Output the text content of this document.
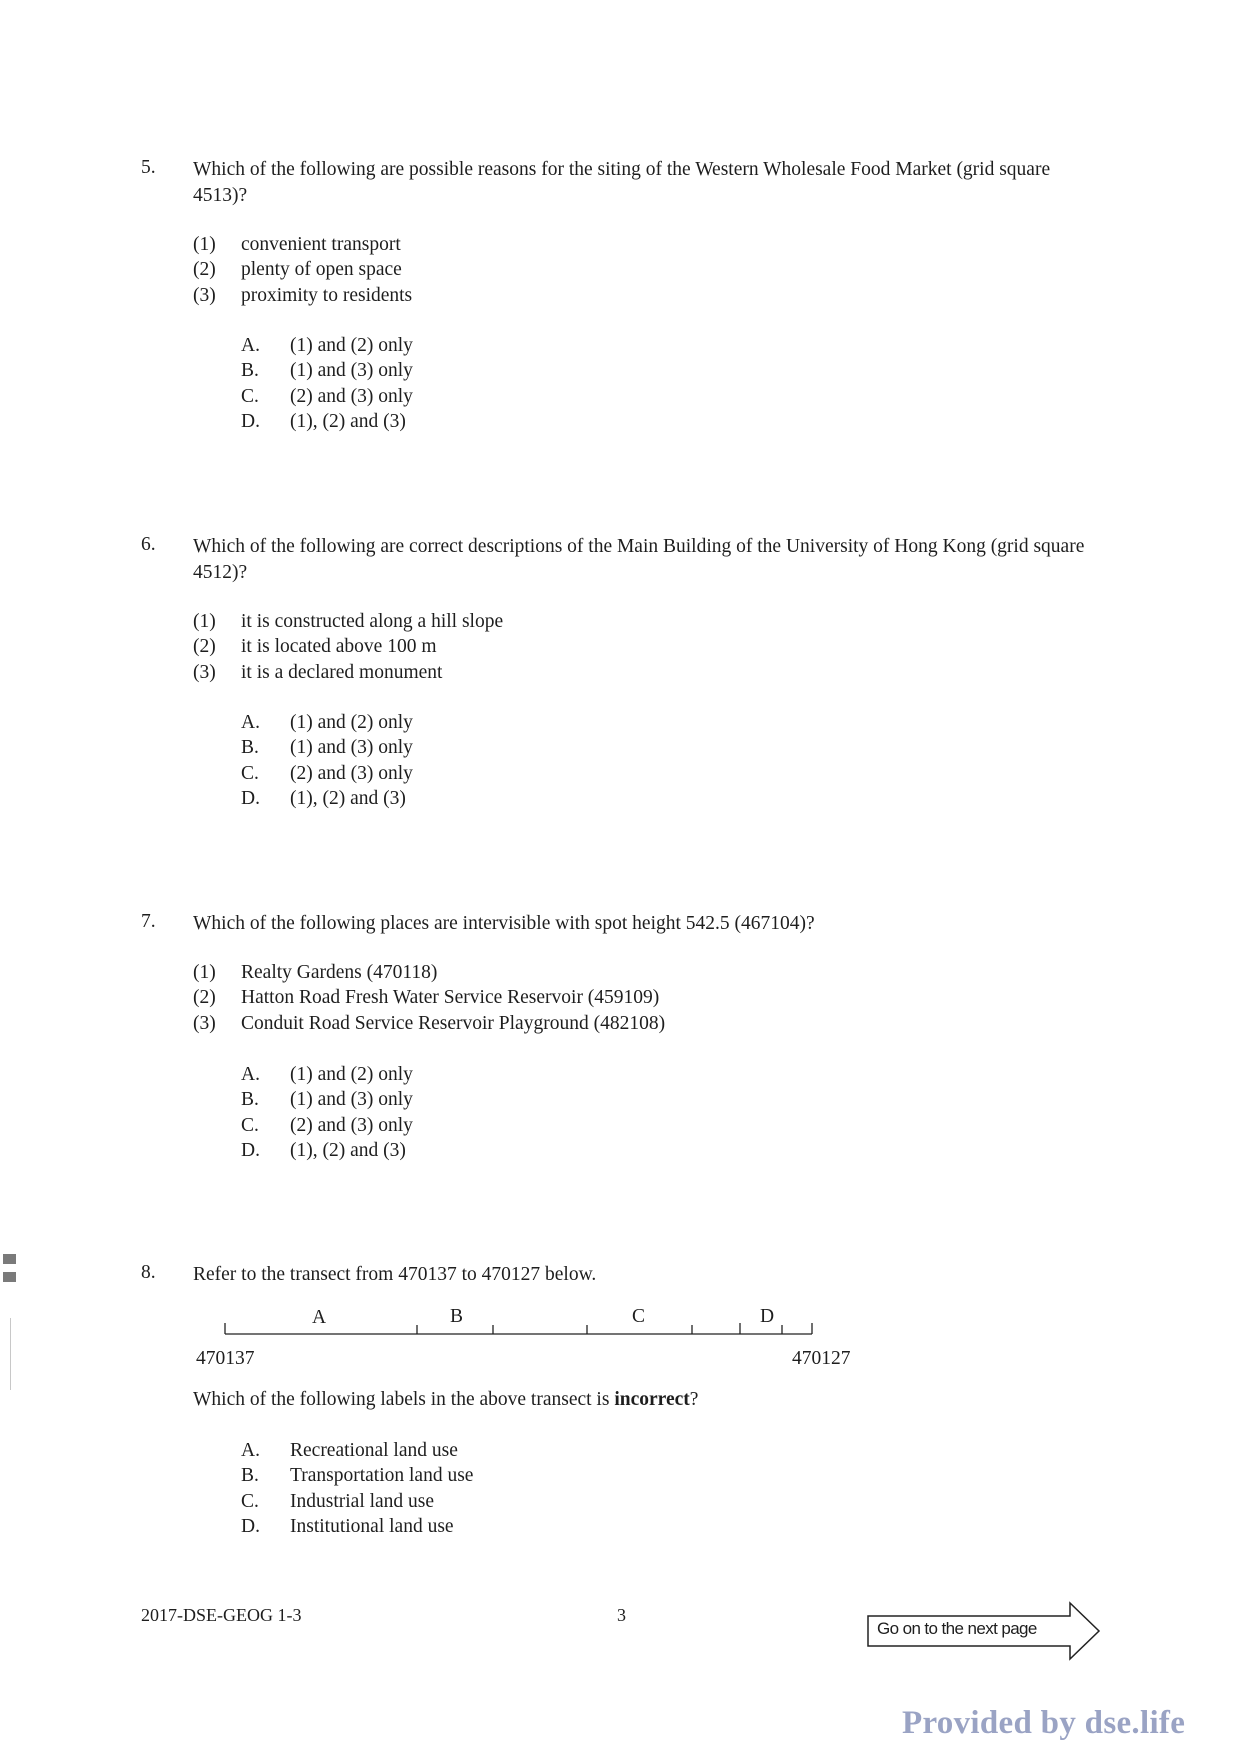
5. Which of the following are possible reasons for the siting of the Western Wholesale Food Market (grid square 4513)?
(1)	convenient transport
(2)	plenty of open space
(3)	proximity to residents
A.	(1) and (2) only
B.	(1) and (3) only
C.	(2) and (3) only
D.	(1), (2) and (3)
6. Which of the following are correct descriptions of the Main Building of the University of Hong Kong (grid square 4512)?
(1)	it is constructed along a hill slope
(2)	it is located above 100 m
(3)	it is a declared monument
A.	(1) and (2) only
B.	(1) and (3) only
C.	(2) and (3) only
D.	(1), (2) and (3)
7. Which of the following places are intervisible with spot height 542.5 (467104)?
(1)	Realty Gardens (470118)
(2)	Hatton Road Fresh Water Service Reservoir (459109)
(3)	Conduit Road Service Reservoir Playground (482108)
A.	(1) and (2) only
B.	(1) and (3) only
C.	(2) and (3) only
D.	(1), (2) and (3)
8. Refer to the transect from 470137 to 470127 below.
A	B	C	D
470137	470127
Which of the following labels in the above transect is incorrect?
A.	Recreational land use
B.	Transportation land use
C.	Industrial land use
D.	Institutional land use
2017-DSE-GEOG 1-3	3
Go on to the next page
Provided by dse.life
